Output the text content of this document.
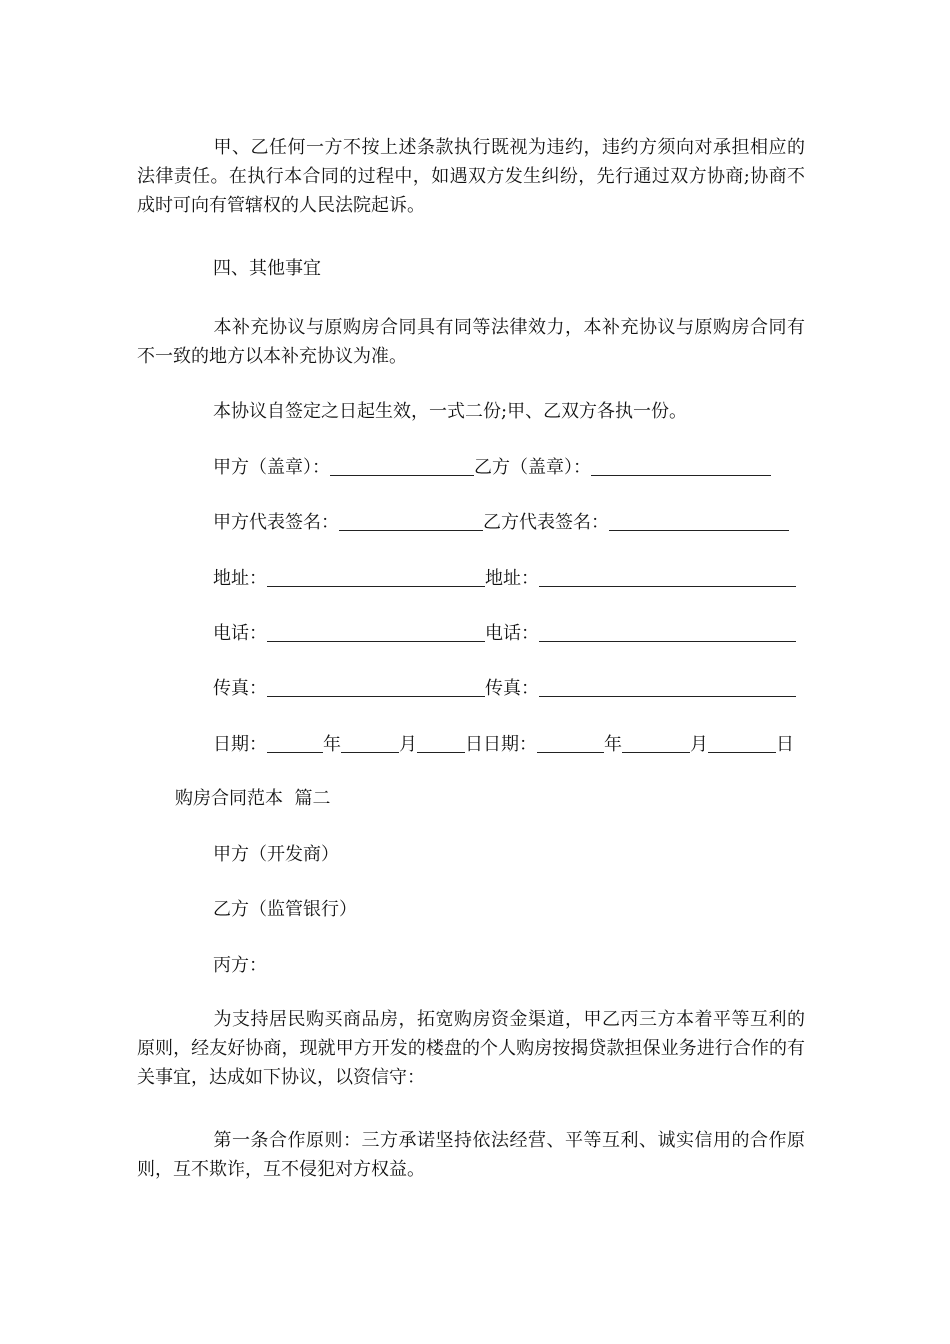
甲、乙任何一方不按上述条款执行既视为违约，违约方须向对承担相应的法律责任。在执行本合同的过程中，如遇双方发生纠纷，先行通过双方协商;协商不成时可向有管辖权的人民法院起诉。

四、其他事宜

本补充协议与原购房合同具有同等法律效力，本补充协议与原购房合同有不一致的地方以本补充协议为准。

本协议自签定之日起生效，一式二份;甲、乙双方各执一份。
甲方（盖章）：	乙方（盖章）：
甲方代表签名：	乙方代表签名：
地址：	地址：
电话：	电话：
传真：	传真：
日期：	年	月	日日期：	年	月	日
购房合同范本  篇二
甲方（开发商）
乙方（监管银行）
丙方：

为支持居民购买商品房，拓宽购房资金渠道，甲乙丙三方本着平等互利的原则，经友好协商，现就甲方开发的楼盘的个人购房按揭贷款担保业务进行合作的有关事宜，达成如下协议，以资信守：

第一条合作原则：三方承诺坚持依法经营、平等互利、诚实信用的合作原则，互不欺诈，互不侵犯对方权益。
